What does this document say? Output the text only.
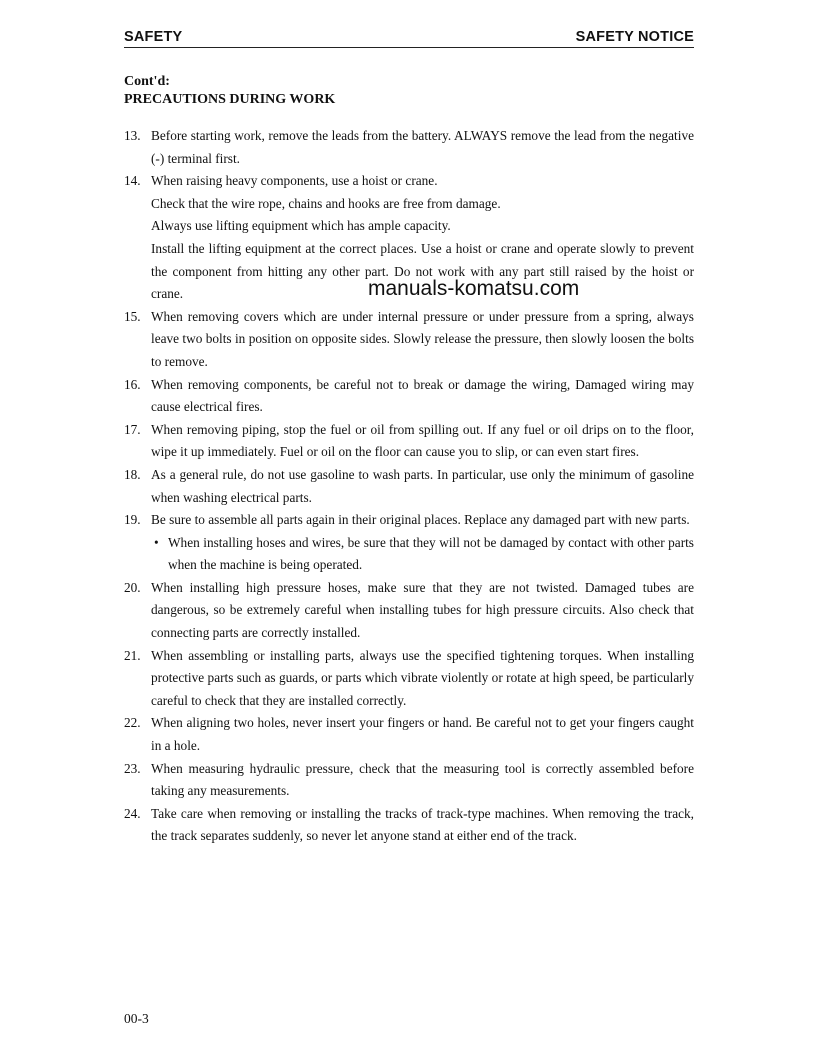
SAFETY	SAFETY NOTICE
Cont'd:
PRECAUTIONS DURING WORK
13. Before starting work, remove the leads from the battery. ALWAYS remove the lead from the negative (-) terminal first.

14. When raising heavy components, use a hoist or crane.

Check that the wire rope, chains and hooks are free from damage.

Always use lifting equipment which has ample capacity.

Install the lifting equipment at the correct places. Use a hoist or crane and operate slowly to prevent the component from hitting any other part. Do not work with any part still raised by the hoist or crane.

15. When removing covers which are under internal pressure or under pressure from a spring, always leave two bolts in position on opposite sides. Slowly release the pressure, then slowly loosen the bolts to remove.

16. When removing components, be careful not to break or damage the wiring, Damaged wiring may cause electrical fires.

17. When removing piping, stop the fuel or oil from spilling out. If any fuel or oil drips on to the floor, wipe it up immediately. Fuel or oil on the floor can cause you to slip, or can even start fires.

18. As a general rule, do not use gasoline to wash parts. In particular, use only the minimum of gasoline when washing electrical parts.

19. Be sure to assemble all parts again in their original places. Replace any damaged part with new parts.

• When installing hoses and wires, be sure that they will not be damaged by contact with other parts when the machine is being operated.

20. When installing high pressure hoses, make sure that they are not twisted. Damaged tubes are dangerous, so be extremely careful when installing tubes for high pressure circuits. Also check that connecting parts are correctly installed.

21. When assembling or installing parts, always use the specified tightening torques. When installing protective parts such as guards, or parts which vibrate violently or rotate at high speed, be particularly careful to check that they are installed correctly.

22. When aligning two holes, never insert your fingers or hand. Be careful not to get your fingers caught in a hole.

23. When measuring hydraulic pressure, check that the measuring tool is correctly assembled before taking any measurements.

24. Take care when removing or installing the tracks of track-type machines. When removing the track, the track separates suddenly, so never let anyone stand at either end of the track.

manuals-komatsu.com
00-3
